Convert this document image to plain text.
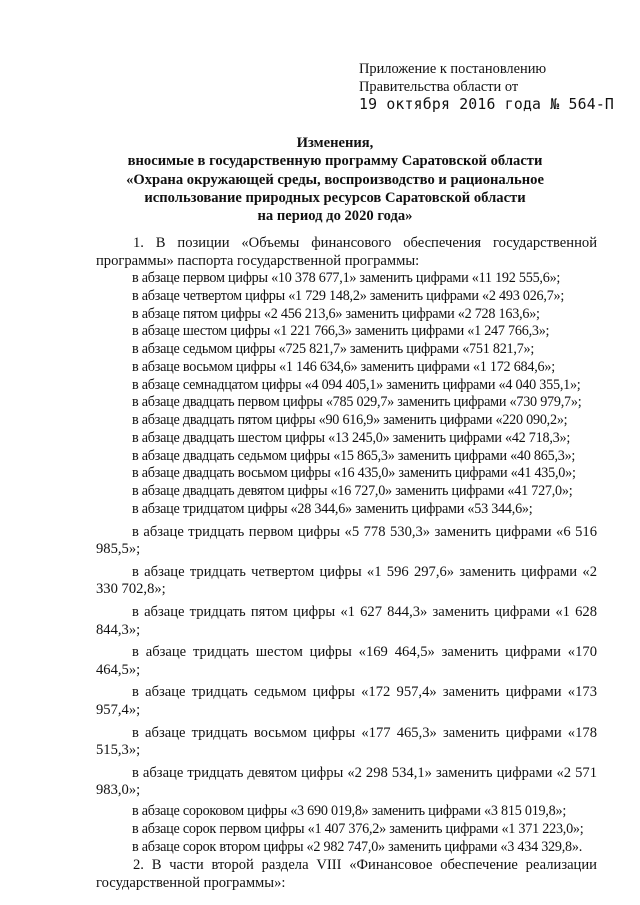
Приложение к постановлению
Правительства области от
19 октября 2016 года № 564-П
Изменения,
вносимые в государственную программу Саратовской области
«Охрана окружающей среды, воспроизводство и рациональное
использование природных ресурсов Саратовской области
на период до 2020 года»
1. В позиции «Объемы финансового обеспечения государственной программы» паспорта государственной программы:
в абзаце первом цифры «10 378 677,1» заменить цифрами «11 192 555,6»;
в абзаце четвертом цифры «1 729 148,2» заменить цифрами «2 493 026,7»;
в абзаце пятом цифры «2 456 213,6» заменить цифрами «2 728 163,6»;
в абзаце шестом цифры «1 221 766,3» заменить цифрами «1 247 766,3»;
в абзаце седьмом цифры «725 821,7» заменить цифрами «751 821,7»;
в абзаце восьмом цифры «1 146 634,6» заменить цифрами «1 172 684,6»;
в абзаце семнадцатом цифры «4 094 405,1» заменить цифрами «4 040 355,1»;
в абзаце двадцать первом цифры «785 029,7» заменить цифрами «730 979,7»;
в абзаце двадцать пятом цифры «90 616,9» заменить цифрами «220 090,2»;
в абзаце двадцать шестом цифры «13 245,0» заменить цифрами «42 718,3»;
в абзаце двадцать седьмом цифры «15 865,3» заменить цифрами «40 865,3»;
в абзаце двадцать восьмом цифры «16 435,0» заменить цифрами «41 435,0»;
в абзаце двадцать девятом цифры «16 727,0» заменить цифрами «41 727,0»;
в абзаце тридцатом цифры «28 344,6» заменить цифрами «53 344,6»;
в абзаце тридцать первом цифры «5 778 530,3» заменить цифрами «6 516 985,5»;
в абзаце тридцать четвертом цифры «1 596 297,6» заменить цифрами «2 330 702,8»;
в абзаце тридцать пятом цифры «1 627 844,3» заменить цифрами «1 628 844,3»;
в абзаце тридцать шестом цифры «169 464,5» заменить цифрами «170 464,5»;
в абзаце тридцать седьмом цифры «172 957,4» заменить цифрами «173 957,4»;
в абзаце тридцать восьмом цифры «177 465,3» заменить цифрами «178 515,3»;
в абзаце тридцать девятом цифры «2 298 534,1» заменить цифрами «2 571 983,0»;
в абзаце сороковом цифры «3 690 019,8» заменить цифрами «3 815 019,8»;
в абзаце сорок первом цифры «1 407 376,2» заменить цифрами «1 371 223,0»;
в абзаце сорок втором цифры «2 982 747,0» заменить цифрами «3 434 329,8».
2. В части второй раздела VIII «Финансовое обеспечение реализации государственной программы»:
